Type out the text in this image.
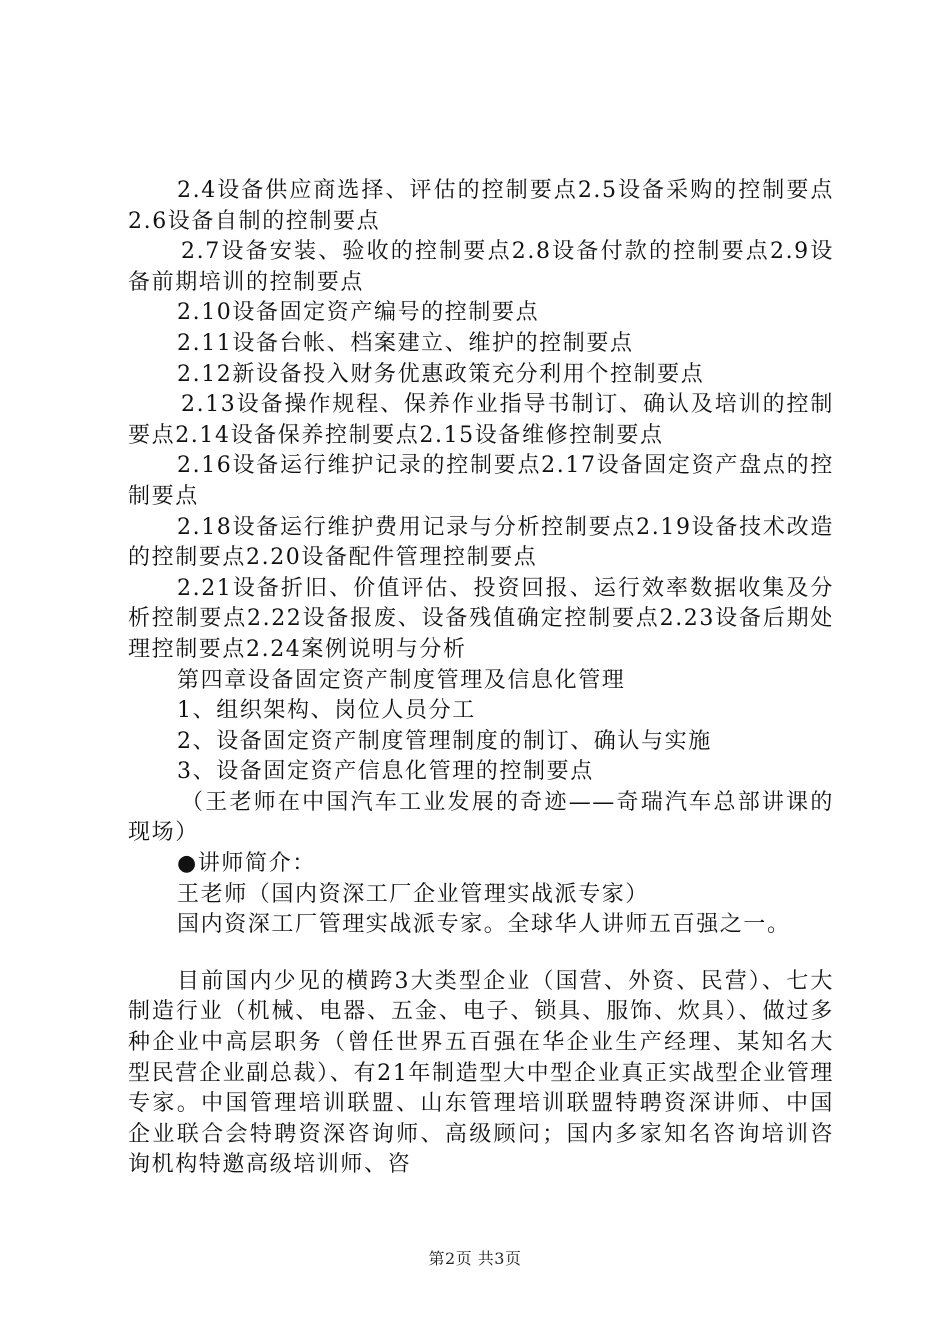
2.4设备供应商选择、评估的控制要点2.5设备采购的控制要点2.6设备自制的控制要点

2.7设备安装、验收的控制要点2.8设备付款的控制要点2.9设备前期培训的控制要点

2.10设备固定资产编号的控制要点

2.11设备台帐、档案建立、维护的控制要点

2.12新设备投入财务优惠政策充分利用个控制要点

2.13设备操作规程、保养作业指导书制订、确认及培训的控制要点2.14设备保养控制要点2.15设备维修控制要点

2.16设备运行维护记录的控制要点2.17设备固定资产盘点的控制要点

2.18设备运行维护费用记录与分析控制要点2.19设备技术改造的控制要点2.20设备配件管理控制要点

2.21设备折旧、价值评估、投资回报、运行效率数据收集及分析控制要点2.22设备报废、设备残值确定控制要点2.23设备后期处理控制要点2.24案例说明与分析

第四章设备固定资产制度管理及信息化管理

1、组织架构、岗位人员分工

2、设备固定资产制度管理制度的制订、确认与实施

3、设备固定资产信息化管理的控制要点

（王老师在中国汽车工业发展的奇迹——奇瑞汽车总部讲课的现场）

●讲师简介：

王老师（国内资深工厂企业管理实战派专家）

国内资深工厂管理实战派专家。全球华人讲师五百强之一。

目前国内少见的横跨3大类型企业（国营、外资、民营）、七大制造行业（机械、电器、五金、电子、锁具、服饰、炊具）、做过多种企业中高层职务（曾任世界五百强在华企业生产经理、某知名大型民营企业副总裁）、有21年制造型大中型企业真正实战型企业管理专家。中国管理培训联盟、山东管理培训联盟特聘资深讲师、中国企业联合会特聘资深咨询师、高级顾问；国内多家知名咨询培训咨询机构特邀高级培训师、咨

第2页 共3页
